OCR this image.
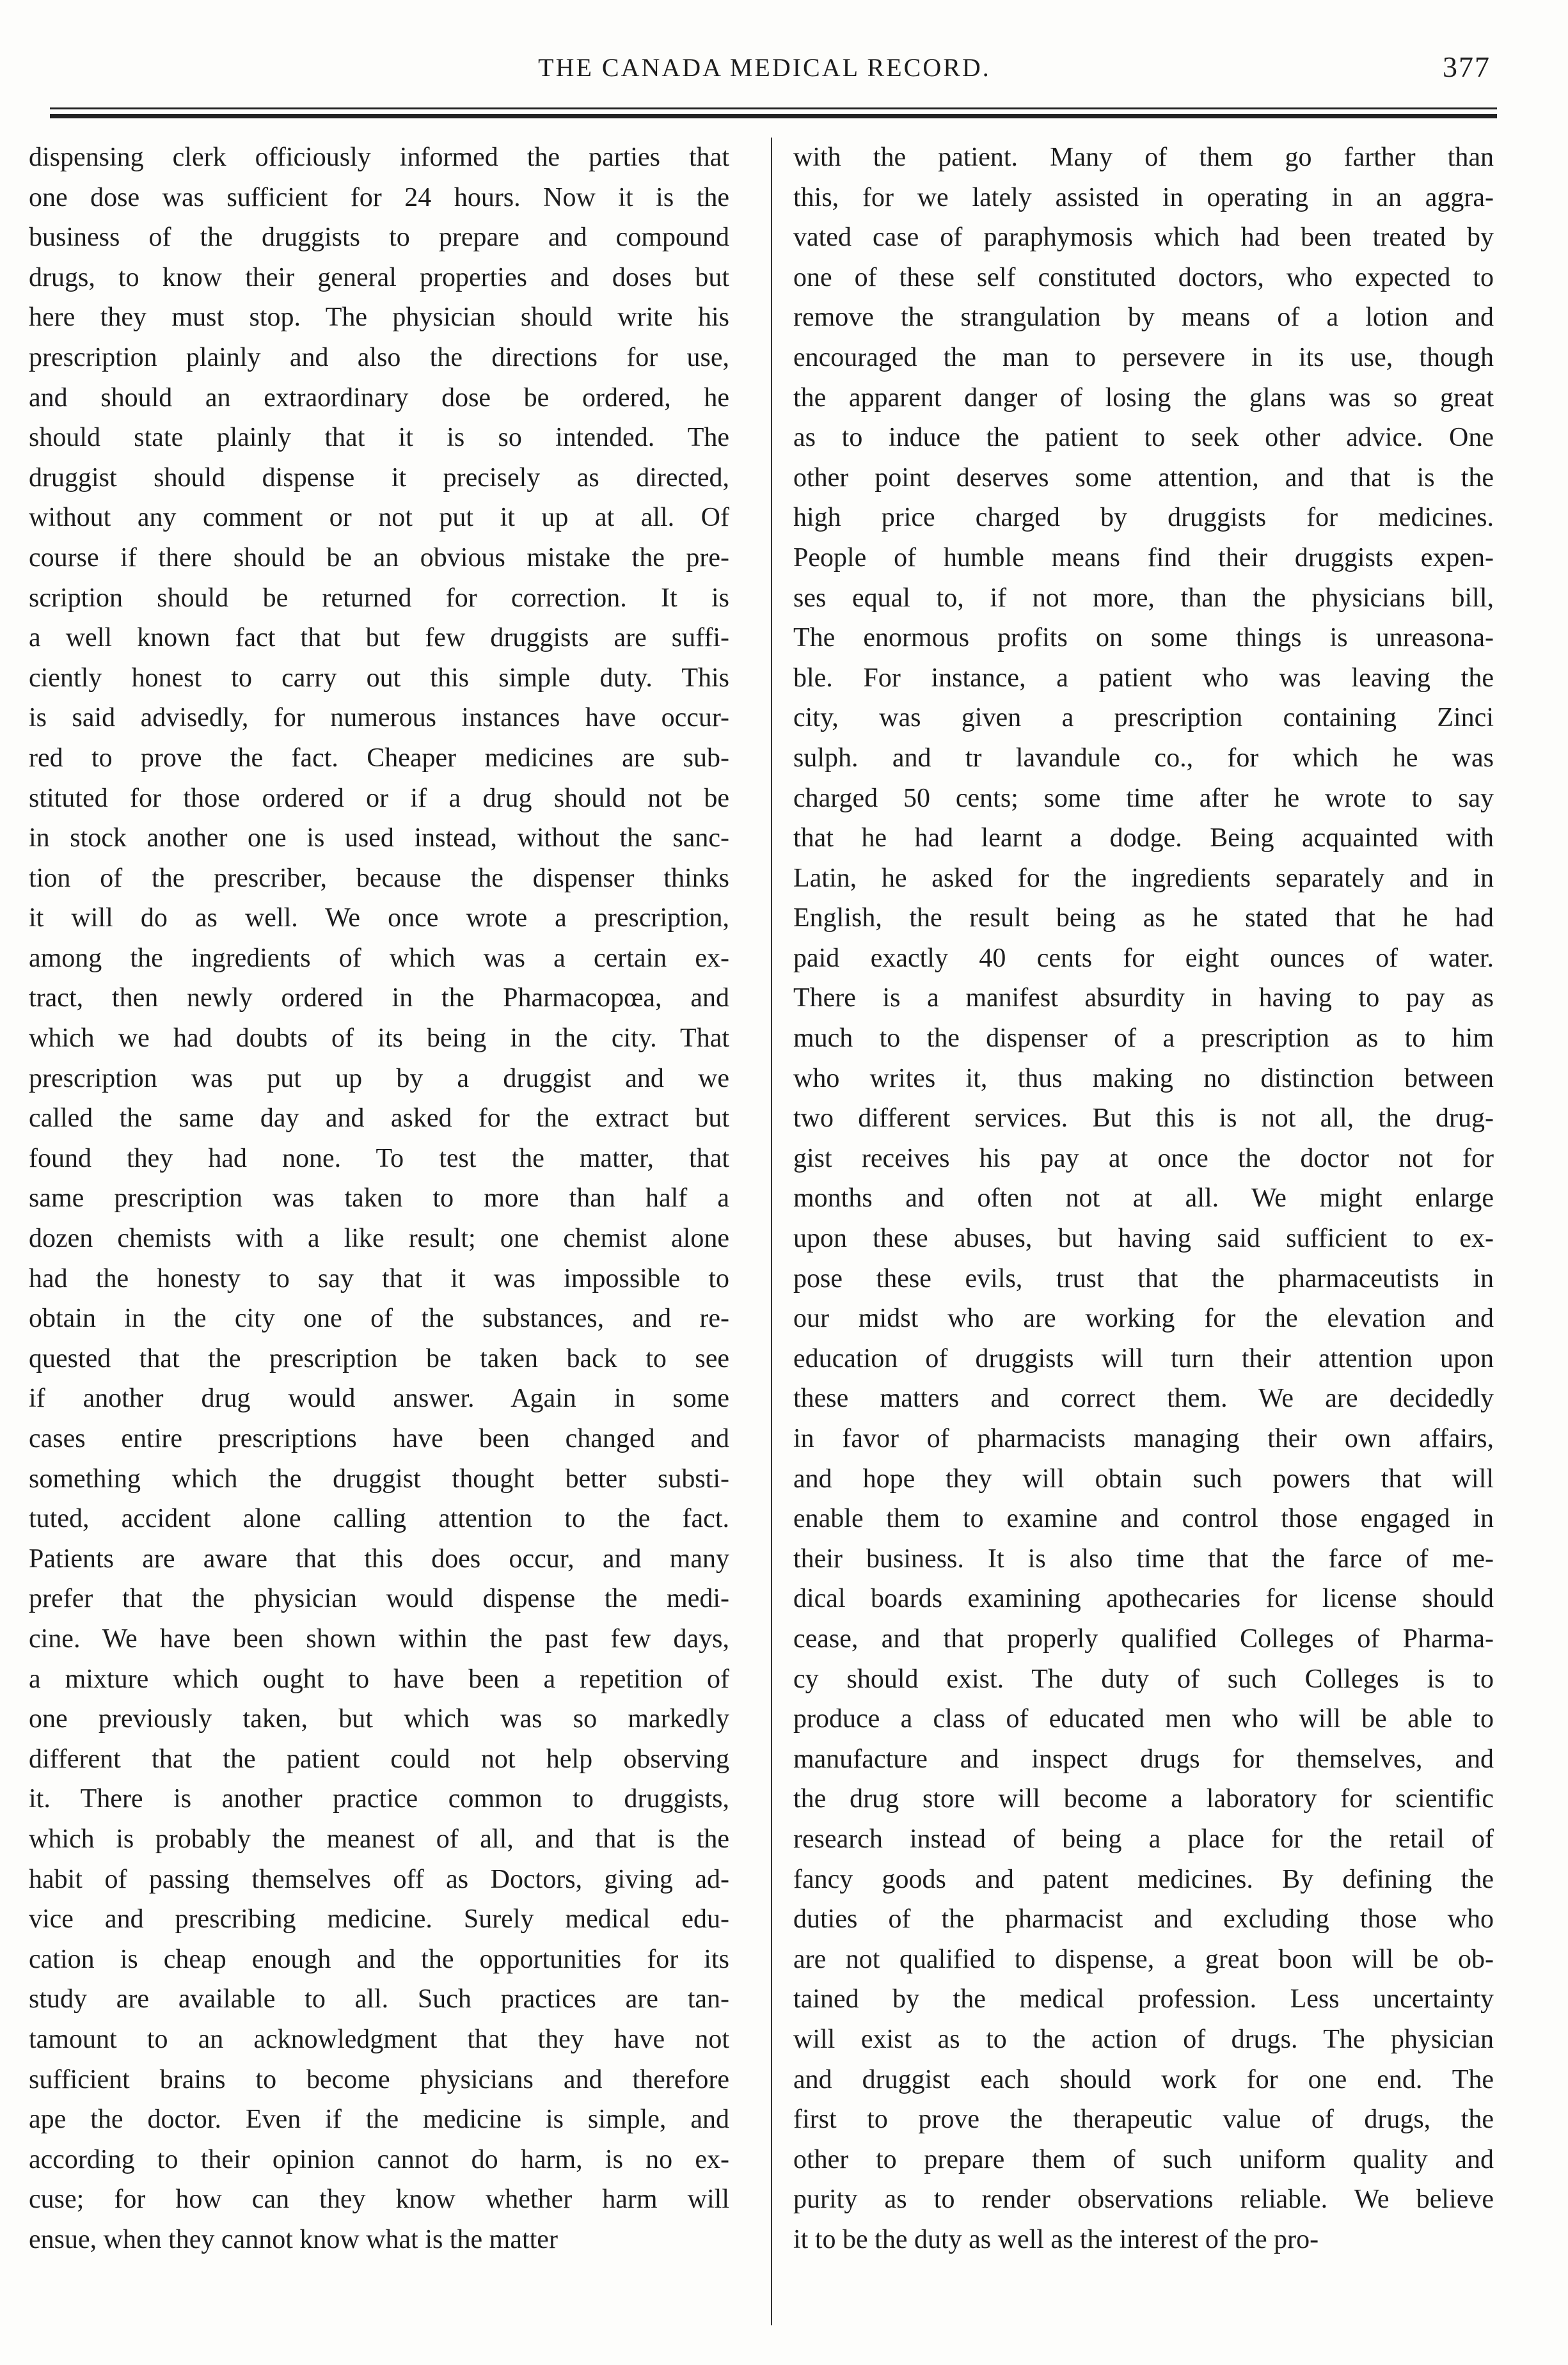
THE CANADA MEDICAL RECORD.	377
dispensing clerk officiously informed the parties that
one dose was sufficient for 24 hours. Now it is the
business of the druggists to prepare and compound
drugs, to know their general properties and doses but
here they must stop. The physician should write his
prescription plainly and also the directions for use,
and should an extraordinary dose be ordered, he
should state plainly that it is so intended. The
druggist should dispense it precisely as directed,
without any comment or not put it up at all. Of
course if there should be an obvious mistake the pre-
scription should be returned for correction. It is
a well known fact that but few druggists are suffi-
ciently honest to carry out this simple duty. This
is said advisedly, for numerous instances have occur-
red to prove the fact. Cheaper medicines are sub-
stituted for those ordered or if a drug should not be
in stock another one is used instead, without the sanc-
tion of the prescriber, because the dispenser thinks
it will do as well. We once wrote a prescription,
among the ingredients of which was a certain ex-
tract, then newly ordered in the Pharmacopœa, and
which we had doubts of its being in the city. That
prescription was put up by a druggist and we
called the same day and asked for the extract but
found they had none. To test the matter, that
same prescription was taken to more than half a
dozen chemists with a like result; one chemist alone
had the honesty to say that it was impossible to
obtain in the city one of the substances, and re-
quested that the prescription be taken back to see
if another drug would answer. Again in some
cases entire prescriptions have been changed and
something which the druggist thought better substi-
tuted, accident alone calling attention to the fact.
Patients are aware that this does occur, and many
prefer that the physician would dispense the medi-
cine. We have been shown within the past few days,
a mixture which ought to have been a repetition of
one previously taken, but which was so markedly
different that the patient could not help observing
it. There is another practice common to druggists,
which is probably the meanest of all, and that is the
habit of passing themselves off as Doctors, giving ad-
vice and prescribing medicine. Surely medical edu-
cation is cheap enough and the opportunities for its
study are available to all. Such practices are tan-
tamount to an acknowledgment that they have not
sufficient brains to become physicians and therefore
ape the doctor. Even if the medicine is simple, and
according to their opinion cannot do harm, is no ex-
cuse; for how can they know whether harm will
ensue, when they cannot know what is the matter
with the patient. Many of them go farther than
this, for we lately assisted in operating in an aggra-
vated case of paraphymosis which had been treated by
one of these self constituted doctors, who expected to
remove the strangulation by means of a lotion and
encouraged the man to persevere in its use, though
the apparent danger of losing the glans was so great
as to induce the patient to seek other advice. One
other point deserves some attention, and that is the
high price charged by druggists for medicines.
People of humble means find their druggists expen-
ses equal to, if not more, than the physicians bill,
The enormous profits on some things is unreasona-
ble. For instance, a patient who was leaving the
city, was given a prescription containing Zinci
sulph. and tr lavandule co., for which he was
charged 50 cents; some time after he wrote to say
that he had learnt a dodge. Being acquainted with
Latin, he asked for the ingredients separately and in
English, the result being as he stated that he had
paid exactly 40 cents for eight ounces of water.
There is a manifest absurdity in having to pay as
much to the dispenser of a prescription as to him
who writes it, thus making no distinction between
two different services. But this is not all, the drug-
gist receives his pay at once the doctor not for
months and often not at all. We might enlarge
upon these abuses, but having said sufficient to ex-
pose these evils, trust that the pharmaceutists in
our midst who are working for the elevation and
education of druggists will turn their attention upon
these matters and correct them. We are decidedly
in favor of pharmacists managing their own affairs,
and hope they will obtain such powers that will
enable them to examine and control those engaged in
their business. It is also time that the farce of me-
dical boards examining apothecaries for license should
cease, and that properly qualified Colleges of Pharma-
cy should exist. The duty of such Colleges is to
produce a class of educated men who will be able to
manufacture and inspect drugs for themselves, and
the drug store will become a laboratory for scientific
research instead of being a place for the retail of
fancy goods and patent medicines. By defining the
duties of the pharmacist and excluding those who
are not qualified to dispense, a great boon will be ob-
tained by the medical profession. Less uncertainty
will exist as to the action of drugs. The physician
and druggist each should work for one end. The
first to prove the therapeutic value of drugs, the
other to prepare them of such uniform quality and
purity as to render observations reliable. We believe
it to be the duty as well as the interest of the pro-
